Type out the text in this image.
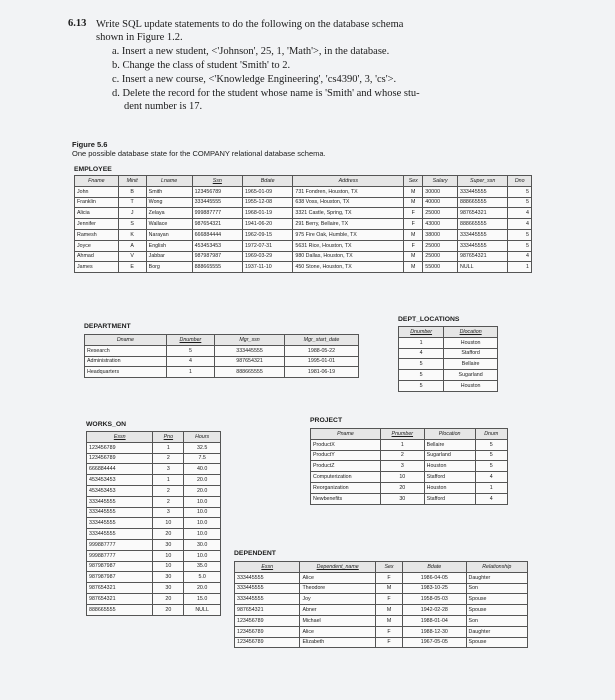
6.13 Write SQL update statements to do the following on the database schema
shown in Figure 1.2.
a. Insert a new student, <'Johnson', 25, 1, 'Math'>, in the database.
b. Change the class of student 'Smith' to 2.
c. Insert a new course, <'Knowledge Engineering', 'cs4390', 3, 'cs'>.
d. Delete the record for the student whose name is 'Smith' and whose stu-
dent number is 17.
Figure 5.6
One possible database state for the COMPANY relational database schema.
EMPLOYEE
Fname	Minit	Lname	Ssn	Bdate	Address	Sex	Salary	Super_ssn	Dno
John	B	Smith	123456789	1965-01-09	731 Fondren, Houston, TX	M	30000	333445555	5
Franklin	T	Wong	333445555	1955-12-08	638 Voss, Houston, TX	M	40000	888665555	5
Alicia	J	Zelaya	999887777	1968-01-19	3321 Castle, Spring, TX	F	25000	987654321	4
Jennifer	S	Wallace	987654321	1941-06-20	291 Berry, Bellaire, TX	F	43000	888665555	4
Ramesh	K	Narayan	666884444	1962-09-15	975 Fire Oak, Humble, TX	M	38000	333445555	5
Joyce	A	English	453453453	1972-07-31	5631 Rice, Houston, TX	F	25000	333445555	5
Ahmad	V	Jabbar	987987987	1969-03-29	980 Dallas, Houston, TX	M	25000	987654321	4
James	E	Borg	888665555	1937-11-10	450 Stone, Houston, TX	M	55000	NULL	1
DEPARTMENT
Dname	Dnumber	Mgr_ssn	Mgr_start_date
Research	5	333445555	1988-05-22
Administration	4	987654321	1995-01-01
Headquarters	1	888665555	1981-06-19
DEPT_LOCATIONS
Dnumber	Dlocation
1	Houston
4	Stafford
5	Bellaire
5	Sugarland
5	Houston
WORKS_ON
Essn	Pno	Hours
123456789	1	32.5
123456789	2	7.5
666884444	3	40.0
453453453	1	20.0
453453453	2	20.0
333445555	2	10.0
333445555	3	10.0
333445555	10	10.0
333445555	20	10.0
999887777	30	30.0
999887777	10	10.0
987987987	10	35.0
987987987	30	5.0
987654321	30	20.0
987654321	20	15.0
888665555	20	NULL
PROJECT
Pname	Pnumber	Plocation	Dnum
ProductX	1	Bellaire	5
ProductY	2	Sugarland	5
ProductZ	3	Houston	5
Computerization	10	Stafford	4
Reorganization	20	Houston	1
Newbenefits	30	Stafford	4
DEPENDENT
Essn	Dependent_name	Sex	Bdate	Relationship
333445555	Alice	F	1986-04-05	Daughter
333445555	Theodore	M	1983-10-25	Son
333445555	Joy	F	1958-05-03	Spouse
987654321	Abner	M	1942-02-28	Spouse
123456789	Michael	M	1988-01-04	Son
123456789	Alice	F	1988-12-30	Daughter
123456789	Elizabeth	F	1967-05-05	Spouse
